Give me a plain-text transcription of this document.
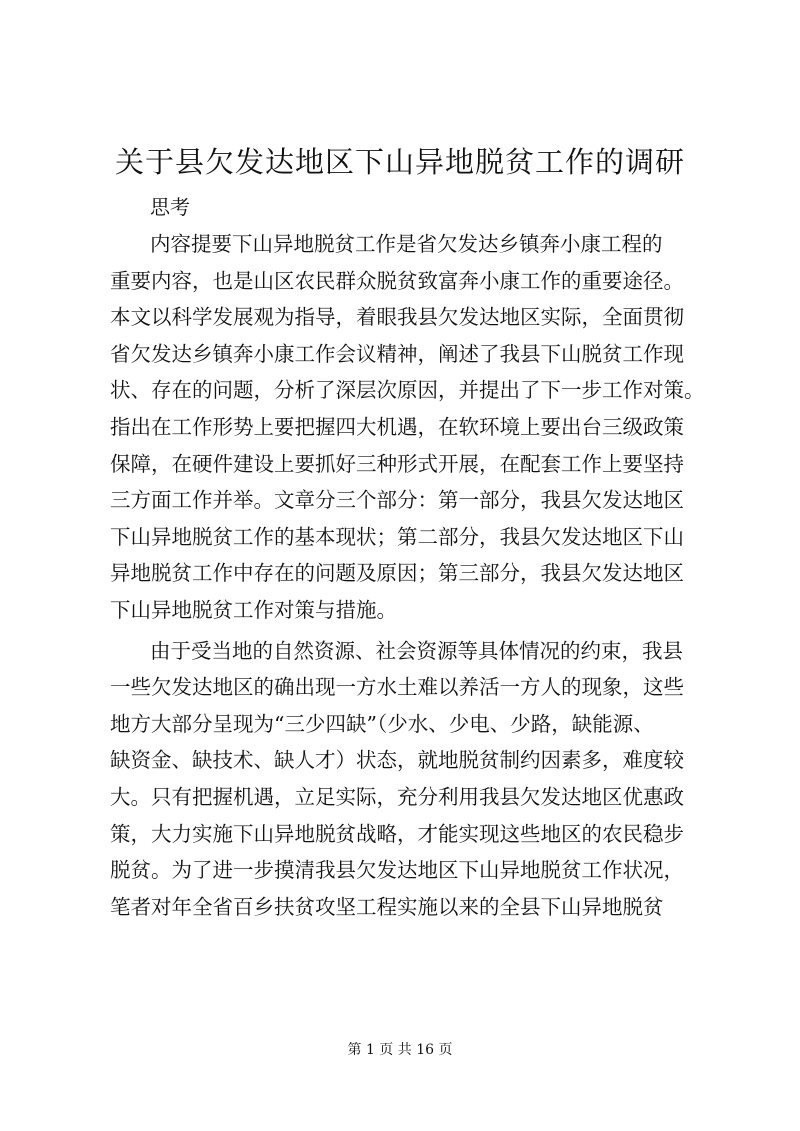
关于县欠发达地区下山异地脱贫工作的调研
思考
内容提要下山异地脱贫工作是省欠发达乡镇奔小康工程的
重要内容，也是山区农民群众脱贫致富奔小康工作的重要途径。
本文以科学发展观为指导，着眼我县欠发达地区实际，全面贯彻
省欠发达乡镇奔小康工作会议精神，阐述了我县下山脱贫工作现
状、存在的问题，分析了深层次原因，并提出了下一步工作对策。
指出在工作形势上要把握四大机遇，在软环境上要出台三级政策
保障，在硬件建设上要抓好三种形式开展，在配套工作上要坚持
三方面工作并举。文章分三个部分：第一部分，我县欠发达地区
下山异地脱贫工作的基本现状；第二部分，我县欠发达地区下山
异地脱贫工作中存在的问题及原因；第三部分，我县欠发达地区
下山异地脱贫工作对策与措施。
由于受当地的自然资源、社会资源等具体情况的约束，我县
一些欠发达地区的确出现一方水土难以养活一方人的现象，这些
地方大部分呈现为“三少四缺”（少水、少电、少路，缺能源、
缺资金、缺技术、缺人才）状态，就地脱贫制约因素多，难度较
大。只有把握机遇，立足实际，充分利用我县欠发达地区优惠政
策，大力实施下山异地脱贫战略，才能实现这些地区的农民稳步
脱贫。为了进一步摸清我县欠发达地区下山异地脱贫工作状况，
笔者对年全省百乡扶贫攻坚工程实施以来的全县下山异地脱贫
第 1 页 共 16 页
